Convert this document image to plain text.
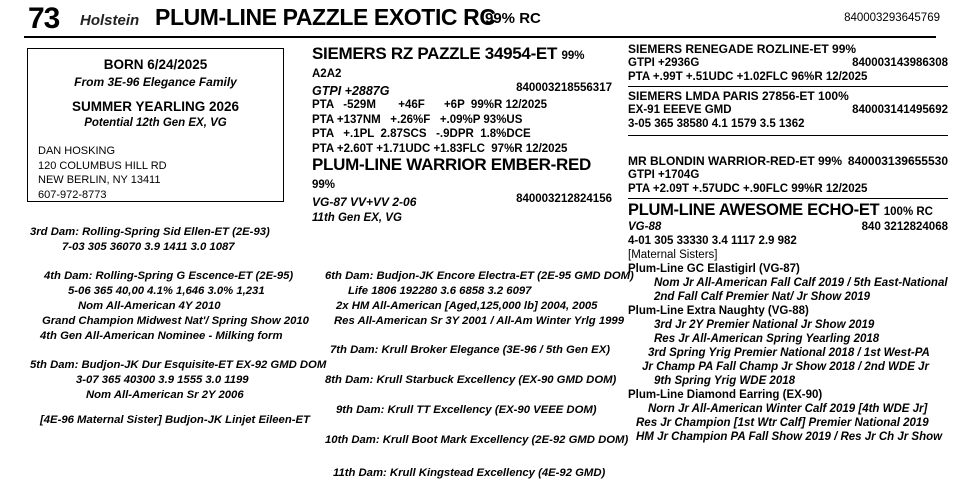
73 Holstein PLUM-LINE PAZZLE EXOTIC RC
99% RC	840003293645769
BORN 6/24/2025
From 3E-96 Elegance Family
SUMMER YEARLING 2026
Potential 12th Gen EX, VG
DAN HOSKING
120 COLUMBUS HILL RD
NEW BERLIN, NY 13411
607-972-8773
SIEMERS RZ PAZZLE 34954-ET 99% A2A2
GTPI +2887G	840003218556317
PTA   -529M       +46F      +6P  99%R 12/2025
PTA +137NM   +.26%F   +.09%P 93%US
PTA   +.1PL  2.87SCS   -.9DPR  1.8%DCE
PTA +2.60T +1.71UDC +1.83FLC  97%R 12/2025
PLUM-LINE WARRIOR EMBER-RED 99%
VG-87 VV+VV 2-06	840003212824156
11th Gen EX, VG
SIEMERS RENEGADE ROZLINE-ET 99%
GTPI +2936G	840003143986308
PTA +.99T +.51UDC +1.02FLC 96%R 12/2025
SIEMERS LMDA PARIS 27856-ET 100%
EX-91 EEEVE GMD	840003141495692
3-05 365 38580 4.1 1579 3.5 1362
MR BLONDIN WARRIOR-RED-ET 99% 840003139655530
GTPI +1704G
PTA +2.09T +.57UDC +.90FLC 99%R 12/2025
PLUM-LINE AWESOME ECHO-ET 100% RC
VG-88	840 3212824068
4-01 305 33330 3.4 1117 2.9 982
[Maternal Sisters]
Plum-Line GC Elastigirl (VG-87)
Nom Jr All-American Fall Calf 2019 / 5th East-National
2nd Fall Calf Premier Nat/ Jr Show 2019
Plum-Line Extra Naughty (VG-88)
3rd Jr 2Y Premier National Jr Show 2019
Res Jr All-American Spring Yearling 2018
3rd Spring Yrig Premier National 2018 / 1st West-PA
Jr Champ PA Fall Champ Jr Show 2018 / 2nd WDE Jr
9th Spring Yrig WDE 2018
Plum-Line Diamond Earring (EX-90)
Norn Jr All-American Winter Calf 2019 [4th WDE Jr]
Res Jr Champion [1st Wtr Calf] Premier National 2019
HM Jr Champion PA Fall Show 2019 / Res Jr Ch Jr Show
3rd Dam: Rolling-Spring Sid Ellen-ET (2E-93)
7-03 305 36070 3.9 1411 3.0 1087
4th Dam: Rolling-Spring G Escence-ET (2E-95)
5-06 365 40,00 4.1% 1,646 3.0% 1,231
Nom All-American 4Y 2010
Grand Champion Midwest Nat'/ Spring Show 2010
4th Gen All-American Nominee - Milking form
5th Dam: Budjon-JK Dur Esquisite-ET EX-92 GMD DOM
3-07 365 40300 3.9 1555 3.0 1199
Nom All-American Sr 2Y 2006
[4E-96 Maternal Sister] Budjon-JK Linjet Eileen-ET
6th Dam: Budjon-JK Encore Electra-ET (2E-95 GMD DOM)
Life 1806 192280 3.6 6858 3.2 6097
2x HM All-American [Aged,125,000 lb] 2004, 2005
Res All-American Sr 3Y 2001 / All-Am Winter Yrlg 1999
7th Dam: Krull Broker Elegance (3E-96 / 5th Gen EX)
8th Dam: Krull Starbuck Excellency (EX-90 GMD DOM)
9th Dam: Krull TT Excellency (EX-90 VEEE DOM)
10th Dam: Krull Boot Mark Excellency (2E-92 GMD DOM)
11th Dam: Krull Kingstead Excellency (4E-92 GMD)
